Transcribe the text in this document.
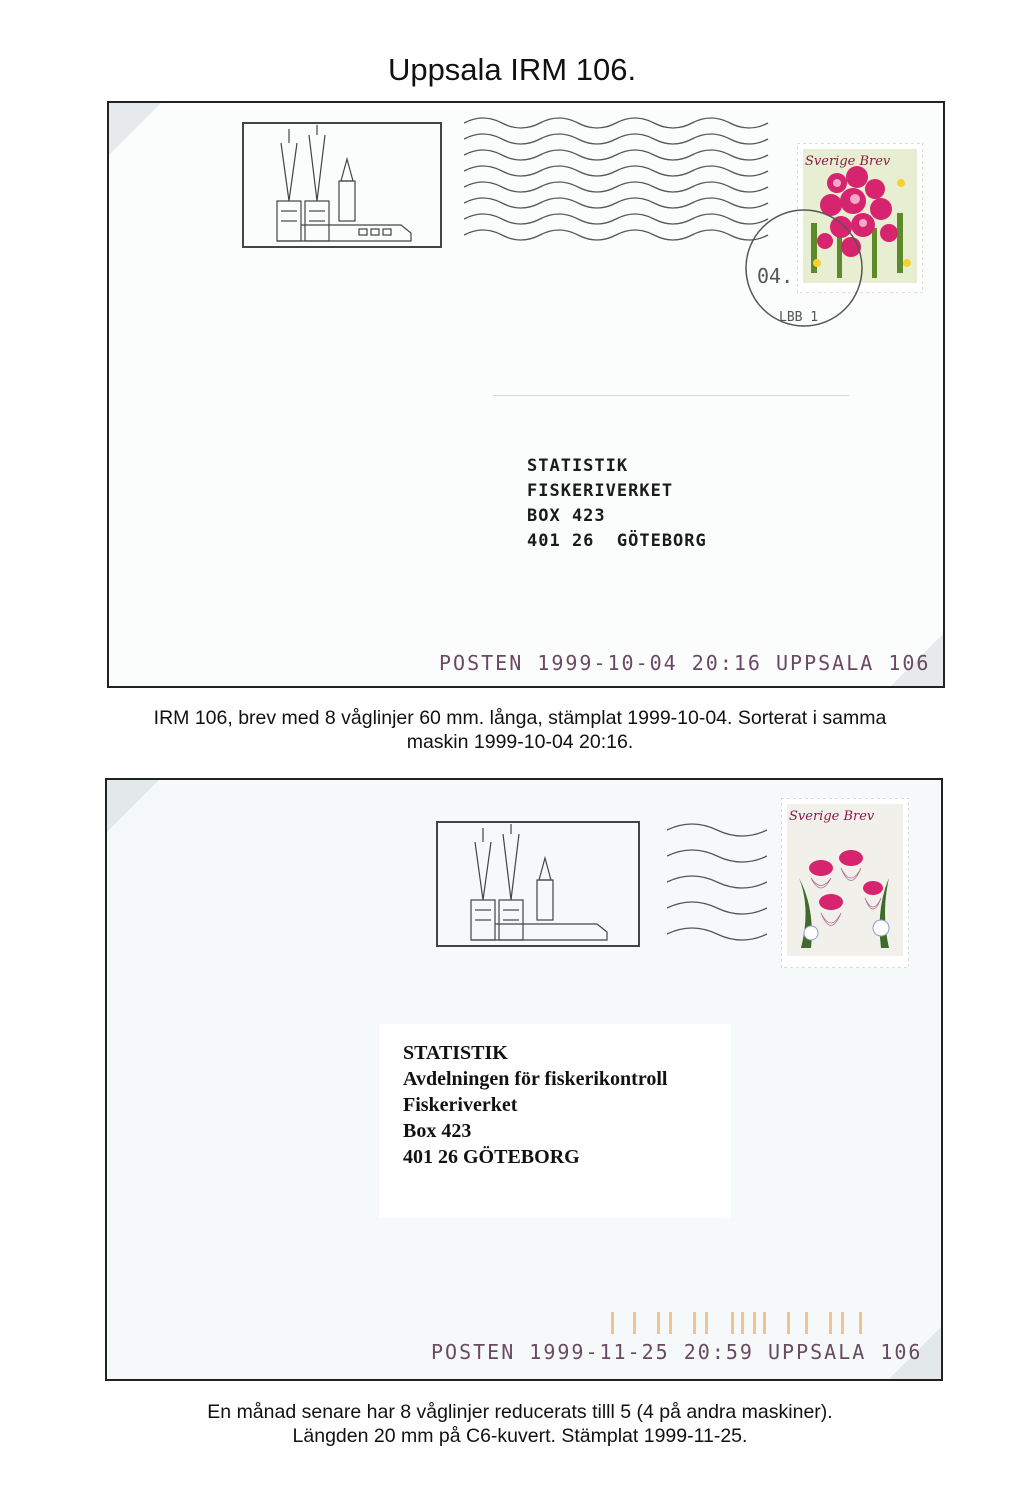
Uppsala IRM 106.
Sverige Brev
04.
LBB 1
STATISTIK
FISKERIVERKET
BOX 423
401 26  GÖTEBORG
POSTEN 1999-10-04 20:16 UPPSALA 106
IRM 106, brev med 8 våglinjer 60 mm. långa, stämplat 1999-10-04. Sorterat i samma
maskin 1999-10-04 20:16.
Sverige Brev
STATISTIK
Avdelningen för fiskerikontroll
Fiskeriverket
Box 423
401 26 GÖTEBORG
POSTEN 1999-11-25 20:59 UPPSALA 106
En månad senare har 8 våglinjer reducerats tilll 5 (4 på andra maskiner).
Längden 20 mm på C6-kuvert. Stämplat 1999-11-25.
